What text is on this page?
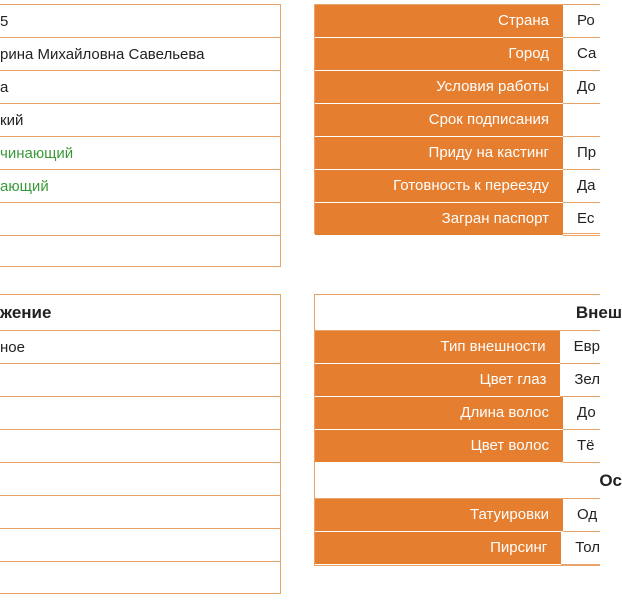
5
рина Михайловна Савельева
а
кий
чинающий
ающий
жение
ное
Страна	Ро
Город	Са
Условия работы	До
Срок подписания
Приду на кастинг	Пр
Готовность к переезду	Да
Загран паспорт	Ес
Внеш
Тип внешности	Евр
Цвет глаз	Зел
Длина волос	До
Цвет волос	Тё
Ос
Татуировки	Од
Пирсинг	Тол
